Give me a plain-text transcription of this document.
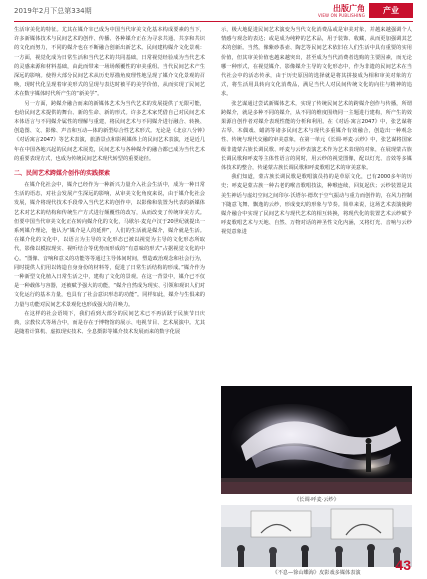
2019年2月下总第334期	出版广角
VIEW ON PUBLISHING
产业

生活审美化的特征。尤其在媒介宰已成为中国当代审美文化基本构成要素的当下，许多新媒体技术与民间艺术的创作、传播、各种媒介正在为寻求共通、共享和共识的文化而努力，不同的媒介也在不断融合创新出新艺术。民间建构媒介文化景观：一方面，视觉化成为日常生活和当代艺术的共同基础，日常视觉经验成为当代艺术的灵感来源和材料基础，由此而带来一场场颠覆性的审美重组。当代民间艺术产生深远的影响。使得大部分民间艺术从历史厚描角度理性地呈现了媒介文化景观的召唤，现时代化呈现着审美形式的呈现与表达时被平的美学价值，从而实现了民间艺术在数字媒体时代所产生的“新美学”。

另一方面，跨媒介融合而来的新媒体艺术为当代艺术的发展提供了无限可能，也给民间艺术提供的舞台、新的生命、新的形式。许多艺术家凭借自己对民间艺术本体语言与不同媒介属性的理解与重建，将民间艺术与不同媒介进行融合、转换、创造图、文、影像、声音和互动—体的新型综合性艺术形式。无论是《北京八分钟》《对话寓言2047》等艺术表演，旅游景点和影视媒体上的民间艺术表演，还是近几年在中国各地兴起的民间艺术展览，民间艺术与各种媒介的融合都已成为当代艺术的重要表现方式，也成为传统民间艺术现代转型的重要途径。

二、民间艺术跨媒介创作的实践探索

在媒介化社会中，媒介已经作为一种新兴力量介入社会生活中，成为一种日常生活的语态，对社会发展产生深远的影响，从审美文化角度来说，由于媒介化社会发展，媒介将现代技术手段带入当代艺术的创作中，以影像和装置为代表的新媒体艺术对艺术的结构和传统生产方式进行颠覆性的改写，从而改变了传统审美方式。但要中国当代审美文化正在转向媒介化的文化，马歇尔·麦克卢汉于20世纪就提出一系列媒介理论，他认为“媒介是人的延伸”，人们的生活就是媒介，媒介就是生活。在媒介化的文化中，以语言为主导的文化形态已被以视觉为主导的文化形态所取代，影像以模拟现实、视听结合等优势而形成的“有意味的形式”占据视觉文化的中心。“图像、音响和意义的功能等等通过主导体间时间，塑造政治观念和社会行为，同时提供人们用以铸造自身身份的材料等，促进了日常生活结构的形成。”媒介作为一种新型文化植入日常生活之中，建构了文化的景观。在这一背景中，媒介已不仅是一种载体与容器，还被赋予强大的功能，“媒介自然成为现实、引领和观识人们对文化运行的基本力量，也具有了社会意识形态的功能”。同样如此，媒介与生俱来的力量与功能对民间艺术景观化也形成强大的召唤力。

在这样的社会语境下，我们看到大部分的民间艺术已不再活跃于民族节日庆典，宗教仪式等场合中，而是存在于博物馆的展示、电视节目、艺术展演中。尤其是随着计算机、虚拟现实技术、全息摄影等媒介技术发展而来的数字化展

示，极大地促进民间艺术演变为当代文化消费品或是审美对象，并越来越强调个人情感与观念的表达；或是成为纯粹的艺术品，用于装饰、收藏，从而更加强调其艺术的创新。当然，像紫砂茶壶、陶艺等民间艺术依旧在人们生活中具有重要的实用价值，但其审美价值也越来越突出，甚至成为当代消费者选购的主要因素，而无论哪一种形式，在视觉媒介、影像媒介主导的文化形态中，作为非遗的民间艺术在当代社会中的活态传承，由于历史原因的选择就是将其拼接成为相和审美对象的方式，将生活用具转向文化消费品，满足当代人对民间传统文化的向往与精神的追求。

张艺谋通过尝试新媒体艺术，实现了传统民间艺术的跨媒介创作与传播，所谓跨媒介，就是多种不同的媒介，从不同的维度围绕同一主题进行建构，所产生的效果源自创作者对媒介表现性能的分析和利用。在《对话·寓言2047》中，张艺谋将古琴、木偶戏、蜡鸽等诸多民间艺术与现代多重媒介有效融合，创造出一种观念性、传统与现代交融的审美意象，在第一单元《长调·呼麦·云纱》中，张艺谋将国家级非遗蒙古族长调民歌、呼麦与云纱表演艺术作为艺术表现的对象，在展现蒙古族长调民歌和呼麦等主体性语言的同时，用云纱的视觉图像，配以灯光、音效等多媒体技术的整合，传递蒙古族长调民歌和呼麦歌唱艺术的审美意象。

我们知道，蒙古族长调民歌是歌唱演员持的是草原文化，已有2000多年的历史；呼麦是蒙古族一种古老的喉音歌唱技法，种喉连续，回复起伏；云纱装置是其美生神话与虚幻空间之间印尔·沃塔尔·德坎于空气振动与重力而创作的，在风力控制下随意飞舞、飘逸的云纱，形成变幻的形象与节奏。简单来说，这场艺术表演使跨媒介融合中实现了民间艺术与现代艺术的相互转换，将现代化的装置艺术云纱赋予呼麦歌唱艺术与天地、自然、万物对话的神圣性文化内涵，又将灯光、音响与云纱视觉意象进

《长调·呼麦·云纱》
《不息—徐山蝶海》皮影戏多媒体表演	43
